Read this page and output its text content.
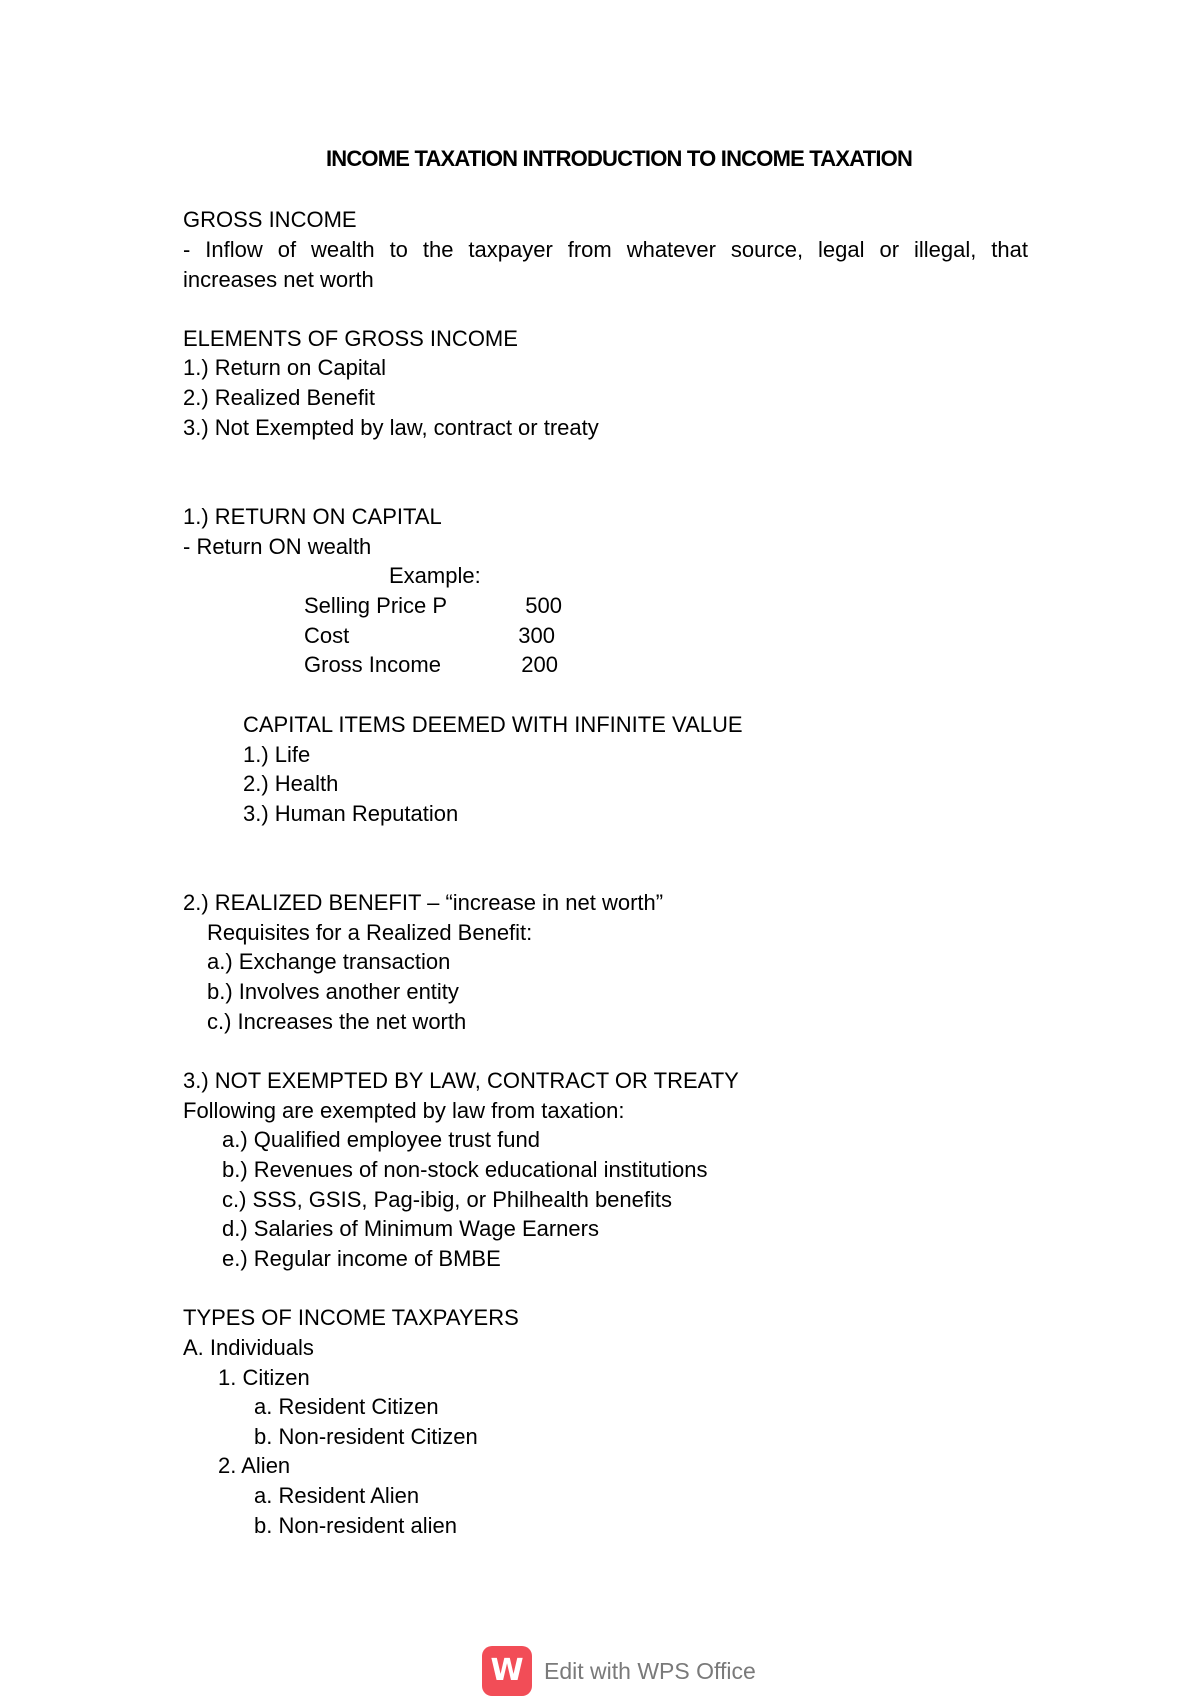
INCOME TAXATION INTRODUCTION TO INCOME TAXATION
GROSS INCOME
- Inflow of wealth to the taxpayer from whatever source, legal or illegal, that
increases net worth
ELEMENTS OF GROSS INCOME
1.) Return on Capital
2.) Realized Benefit
3.) Not Exempted by law, contract or treaty
1.) RETURN ON CAPITAL
- Return ON wealth
Example:
Selling Price P	500
Cost	300
Gross Income	200
CAPITAL ITEMS DEEMED WITH INFINITE VALUE
1.) Life
2.) Health
3.) Human Reputation
2.) REALIZED BENEFIT – “increase in net worth”
Requisites for a Realized Benefit:
a.) Exchange transaction
b.) Involves another entity
c.) Increases the net worth
3.) NOT EXEMPTED BY LAW, CONTRACT OR TREATY
Following are exempted by law from taxation:
a.) Qualified employee trust fund
b.) Revenues of non-stock educational institutions
c.) SSS, GSIS, Pag-ibig, or Philhealth benefits
d.) Salaries of Minimum Wage Earners
e.) Regular income of BMBE
TYPES OF INCOME TAXPAYERS
A. Individuals
1. Citizen
a. Resident Citizen
b. Non-resident Citizen
2. Alien
a. Resident Alien
b. Non-resident alien
W Edit with WPS Office
